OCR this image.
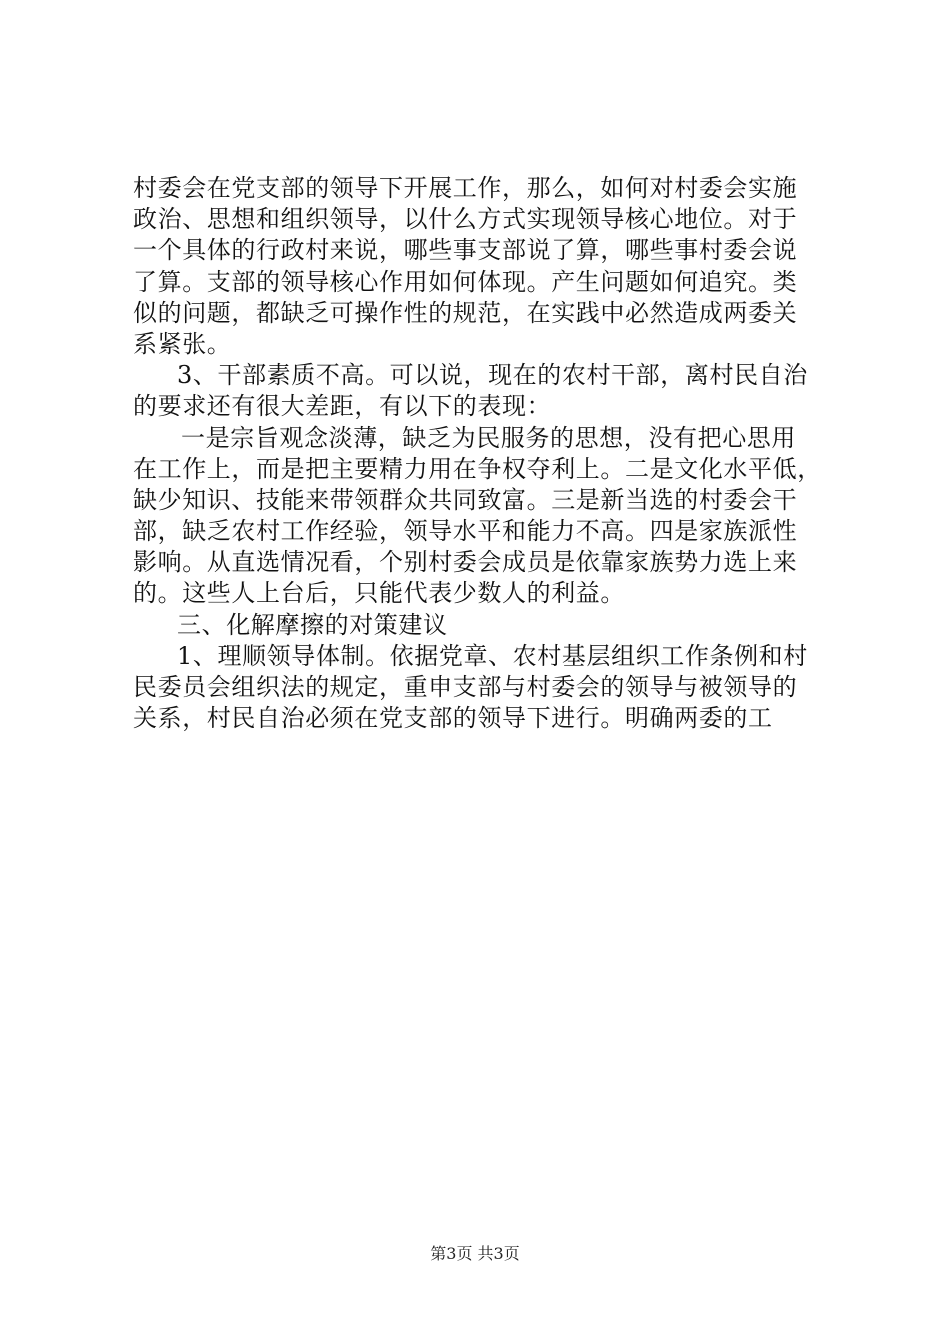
村委会在党支部的领导下开展工作，那么，如何对村委会实施
政治、思想和组织领导，以什么方式实现领导核心地位。对于
一个具体的行政村来说，哪些事支部说了算，哪些事村委会说
了算。支部的领导核心作用如何体现。产生问题如何追究。类
似的问题，都缺乏可操作性的规范，在实践中必然造成两委关
系紧张。
3、干部素质不高。可以说，现在的农村干部，离村民自治
的要求还有很大差距，有以下的表现：
一是宗旨观念淡薄，缺乏为民服务的思想，没有把心思用
在工作上，而是把主要精力用在争权夺利上。二是文化水平低，
缺少知识、技能来带领群众共同致富。三是新当选的村委会干
部，缺乏农村工作经验，领导水平和能力不高。四是家族派性
影响。从直选情况看，个别村委会成员是依靠家族势力选上来
的。这些人上台后，只能代表少数人的利益。
三、化解摩擦的对策建议
1、理顺领导体制。依据党章、农村基层组织工作条例和村
民委员会组织法的规定，重申支部与村委会的领导与被领导的
关系，村民自治必须在党支部的领导下进行。明确两委的工
第3页 共3页
